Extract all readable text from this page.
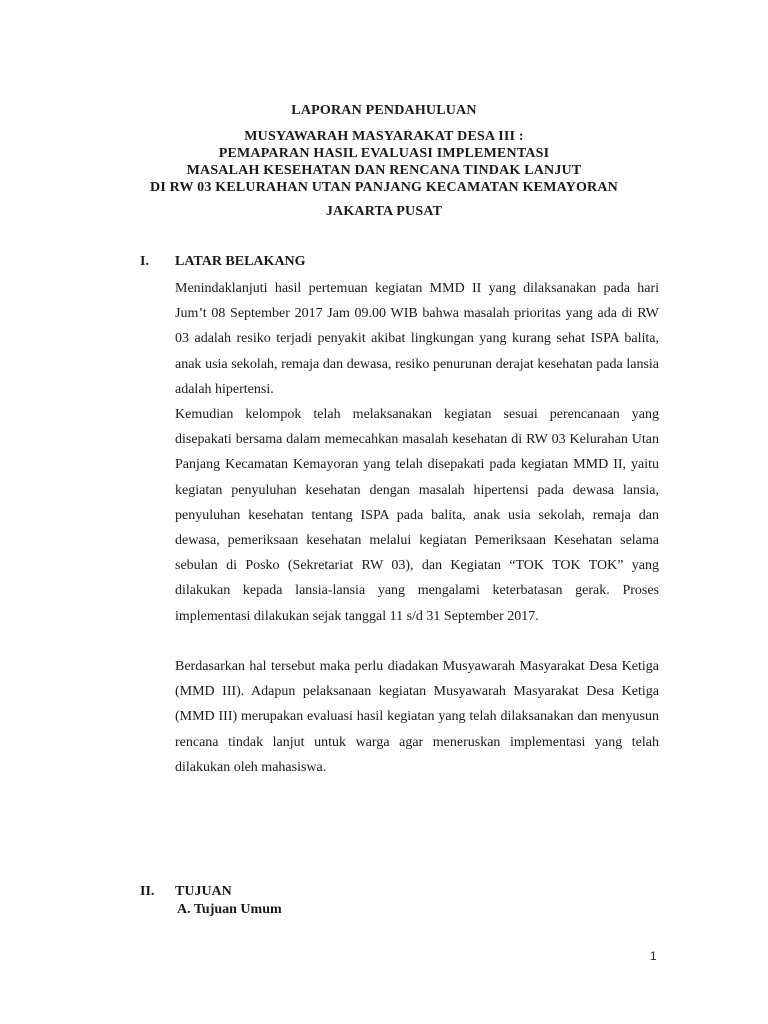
LAPORAN PENDAHULUAN

MUSYAWARAH MASYARAKAT DESA III :

PEMAPARAN HASIL EVALUASI IMPLEMENTASI

MASALAH KESEHATAN DAN RENCANA TINDAK LANJUT

DI RW 03 KELURAHAN UTAN PANJANG KECAMATAN KEMAYORAN

JAKARTA PUSAT

I. LATAR BELAKANG

Menindaklanjuti hasil pertemuan kegiatan MMD II yang dilaksanakan pada hari Jum’t 08 September 2017 Jam 09.00 WIB bahwa masalah prioritas yang ada di RW 03 adalah resiko terjadi penyakit akibat lingkungan yang kurang sehat ISPA balita, anak usia sekolah, remaja dan dewasa, resiko penurunan derajat kesehatan pada lansia adalah hipertensi.

Kemudian kelompok telah melaksanakan kegiatan sesuai perencanaan yang disepakati bersama dalam memecahkan masalah kesehatan di RW 03 Kelurahan Utan Panjang Kecamatan Kemayoran yang telah disepakati pada kegiatan MMD II, yaitu kegiatan penyuluhan kesehatan dengan masalah hipertensi pada dewasa lansia, penyuluhan kesehatan tentang ISPA pada balita, anak usia sekolah, remaja dan dewasa, pemeriksaan kesehatan melalui kegiatan Pemeriksaan Kesehatan selama sebulan di Posko (Sekretariat RW 03), dan Kegiatan “TOK TOK TOK” yang dilakukan kepada lansia-lansia yang mengalami keterbatasan gerak. Proses implementasi dilakukan sejak tanggal 11 s/d 31 September 2017.

Berdasarkan hal tersebut maka perlu diadakan Musyawarah Masyarakat Desa Ketiga (MMD III). Adapun pelaksanaan kegiatan Musyawarah Masyarakat Desa Ketiga (MMD III) merupakan evaluasi hasil kegiatan yang telah dilaksanakan dan menyusun rencana tindak lanjut untuk warga agar meneruskan implementasi yang telah dilakukan oleh mahasiswa.

II. TUJUAN
A. Tujuan Umum
1
